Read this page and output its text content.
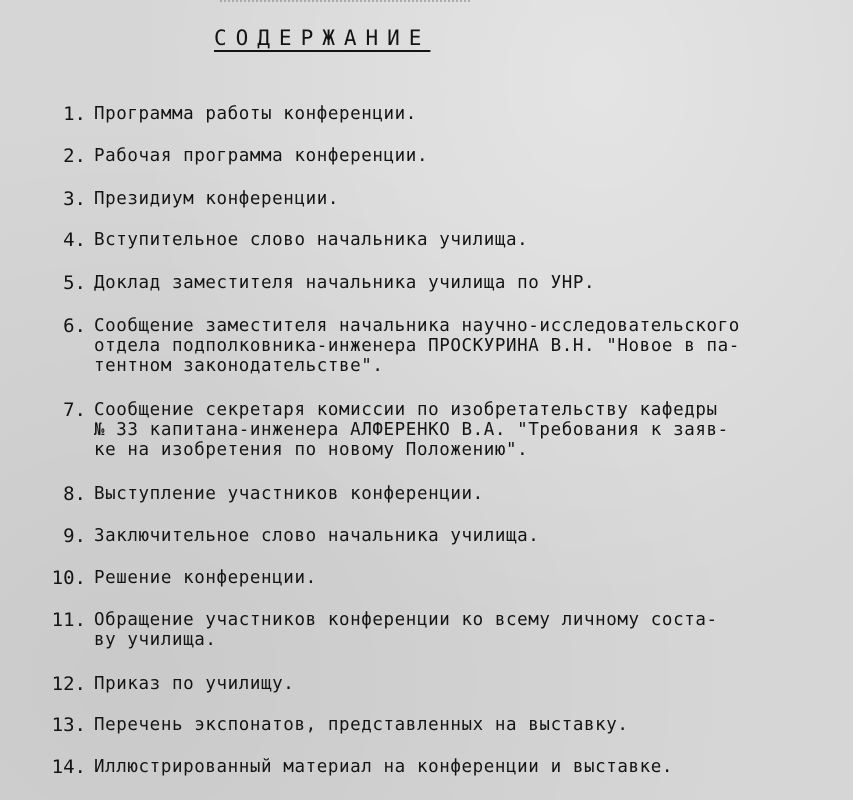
СОДЕРЖАНИЕ
1. Программа работы конференции.
2. Рабочая программа конференции.
3. Президиум конференции.
4. Вступительное слово начальника училища.
5. Доклад заместителя начальника училища по УНР.
6. Сообщение заместителя начальника научно-исследовательского
отдела подполковника-инженера ПРОСКУРИНА В.Н. "Новое в па-
тентном законодательстве".
7. Сообщение секретаря комиссии по изобретательству кафедры
№ 33 капитана-инженера АЛФЕРЕНКО В.А. "Требования к заяв-
ке на изобретения по новому Положению".
8. Выступление участников конференции.
9. Заключительное слово начальника училища.
10. Решение конференции.
11. Обращение участников конференции ко всему личному соста-
ву училища.
12. Приказ по училищу.
13. Перечень экспонатов, представленных на выставку.
14. Иллюстрированный материал на конференции и выставке.
